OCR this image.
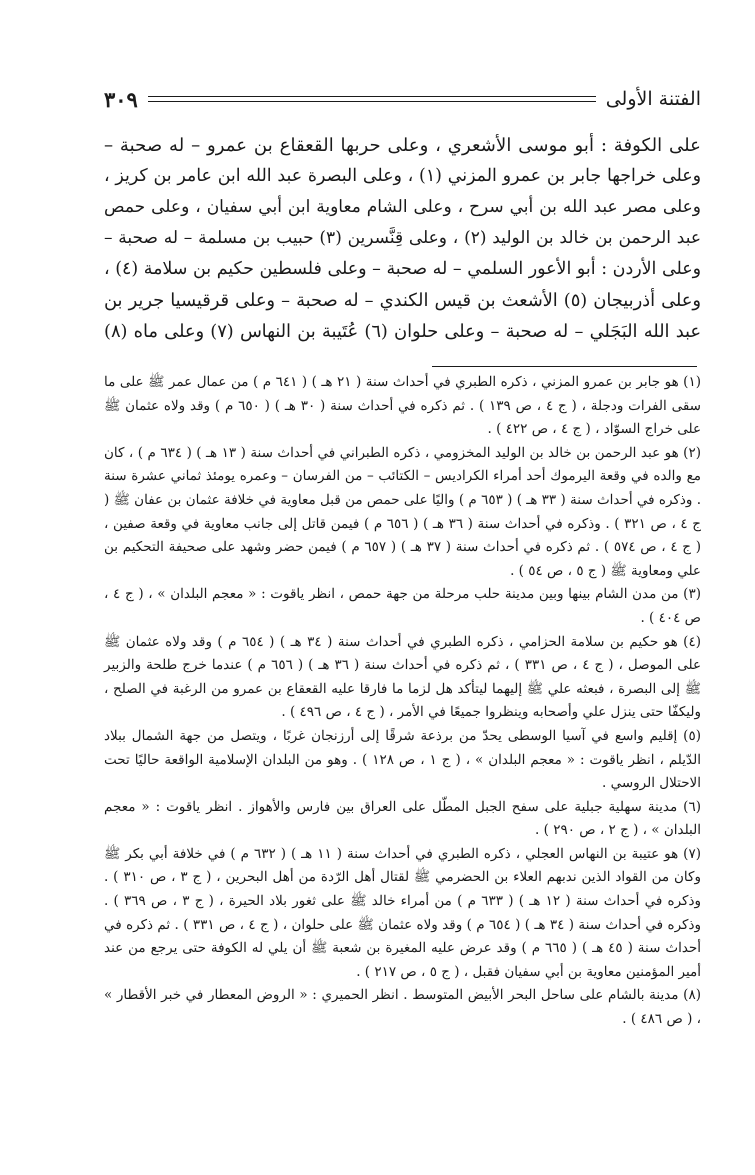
الفتنة الأولى
٣٠٩
على الكوفة : أبو موسى الأشعري ، وعلى حربها القعقاع بن عمرو – له صحبة –
وعلى خراجها جابر بن عمرو المزني (١) ، وعلى البصرة عبد الله ابن عامر بن كريز ،
وعلى مصر عبد الله بن أبي سرح ، وعلى الشام معاوية ابن أبي سفيان ، وعلى حمص
عبد الرحمن بن خالد بن الوليد (٢) ، وعلى قِنَّسرين (٣) حبيب بن مسلمة – له صحبة –
وعلى الأردن : أبو الأعور السلمي – له صحبة – وعلى فلسطين حكيم بن سلامة (٤) ،
وعلى أذربيجان (٥) الأشعث بن قيس الكندي – له صحبة – وعلى قرقيسيا جرير بن
عبد الله البَجَلي – له صحبة – وعلى حلوان (٦) عُتَيبة بن النهاس (٧) وعلى ماه (٨)

(١) هو جابر بن عمرو المزني ، ذكره الطبري في أحداث سنة ( ٢١ هـ ) ( ٦٤١ م ) من عمال عمر ﷺ على ما سقى الفرات ودجلة ، ( ج ٤ ، ص ١٣٩ ) . ثم ذكره في أحداث سنة ( ٣٠ هـ ) ( ٦٥٠ م ) وقد ولاه عثمان ﷺ على خراج السوّاد ، ( ج ٤ ، ص ٤٢٢ ) .

(٢) هو عبد الرحمن بن خالد بن الوليد المخزومي ، ذكره الطبراني في أحداث سنة ( ١٣ هـ ) ( ٦٣٤ م ) ، كان مع والده في وقعة اليرموك أحد أمراء الكراديس – الكتائب – من الفرسان – وعمره يومئذ ثماني عشرة سنة . وذكره في أحداث سنة ( ٣٣ هـ ) ( ٦٥٣ م ) واليًا على حمص من قبل معاوية في خلافة عثمان بن عفان ﷺ ( ج ٤ ، ص ٣٢١ ) . وذكره في أحداث سنة ( ٣٦ هـ ) ( ٦٥٦ م ) فيمن قاتل إلى جانب معاوية في وقعة صفين ، ( ج ٤ ، ص ٥٧٤ ) . ثم ذكره في أحداث سنة ( ٣٧ هـ ) ( ٦٥٧ م ) فيمن حضر وشهد على صحيفة التحكيم بن علي ومعاوية ﷺ ( ج ٥ ، ص ٥٤ ) .

(٣) من مدن الشام بينها وبين مدينة حلب مرحلة من جهة حمص ، انظر ياقوت : « معجم البلدان » ، ( ج ٤ ، ص ٤٠٤ ) .

(٤) هو حكيم بن سلامة الحزامي ، ذكره الطبري في أحداث سنة ( ٣٤ هـ ) ( ٦٥٤ م ) وقد ولاه عثمان ﷺ على الموصل ، ( ج ٤ ، ص ٣٣١ ) ، ثم ذكره في أحداث سنة ( ٣٦ هـ ) ( ٦٥٦ م ) عندما خرج طلحة والزبير ﷺ إلى البصرة ، فبعثه علي ﷺ إليهما ليتأكد هل لزما ما فارقا عليه القعقاع بن عمرو من الرغبة في الصلح ، وليكفّا حتى ينزل علي وأصحابه وينظروا جميعًا في الأمر ، ( ج ٤ ، ص ٤٩٦ ) .

(٥) إقليم واسع في آسيا الوسطى يحدّ من برذعة شرقًا إلى أرزنجان غربًا ، ويتصل من جهة الشمال ببلاد الدّيلم ، انظر ياقوت : « معجم البلدان » ، ( ج ١ ، ص ١٢٨ ) . وهو من البلدان الإسلامية الواقعة حاليًا تحت الاحتلال الروسي .

(٦) مدينة سهلية جبلية على سفح الجبل المطّل على العراق بين فارس والأهواز . انظر ياقوت : « معجم البلدان » ، ( ج ٢ ، ص ٢٩٠ ) .

(٧) هو عتيبة بن النهاس العجلي ، ذكره الطبري في أحداث سنة ( ١١ هـ ) ( ٦٣٢ م ) في خلافة أبي بكر ﷺ وكان من القواد الذين ندبهم العلاء بن الحضرمي ﷺ لقتال أهل الرّدة من أهل البحرين ، ( ج ٣ ، ص ٣١٠ ) . وذكره في أحداث سنة ( ١٢ هـ ) ( ٦٣٣ م ) من أمراء خالد ﷺ على ثغور بلاد الحيرة ، ( ج ٣ ، ص ٣٦٩ ) . وذكره في أحداث سنة ( ٣٤ هـ ) ( ٦٥٤ م ) وقد ولاه عثمان ﷺ على حلوان ، ( ج ٤ ، ص ٣٣١ ) . ثم ذكره في أحداث سنة ( ٤٥ هـ ) ( ٦٦٥ م ) وقد عرض عليه المغيرة بن شعبة ﷺ أن يلي له الكوفة حتى يرجع من عند أمير المؤمنين معاوية بن أبي سفيان فقبل ، ( ج ٥ ، ص ٢١٧ ) .

(٨) مدينة بالشام على ساحل البحر الأبيض المتوسط . انظر الحميري : « الروض المعطار في خبر الأقطار » ، ( ص ٤٨٦ ) .
